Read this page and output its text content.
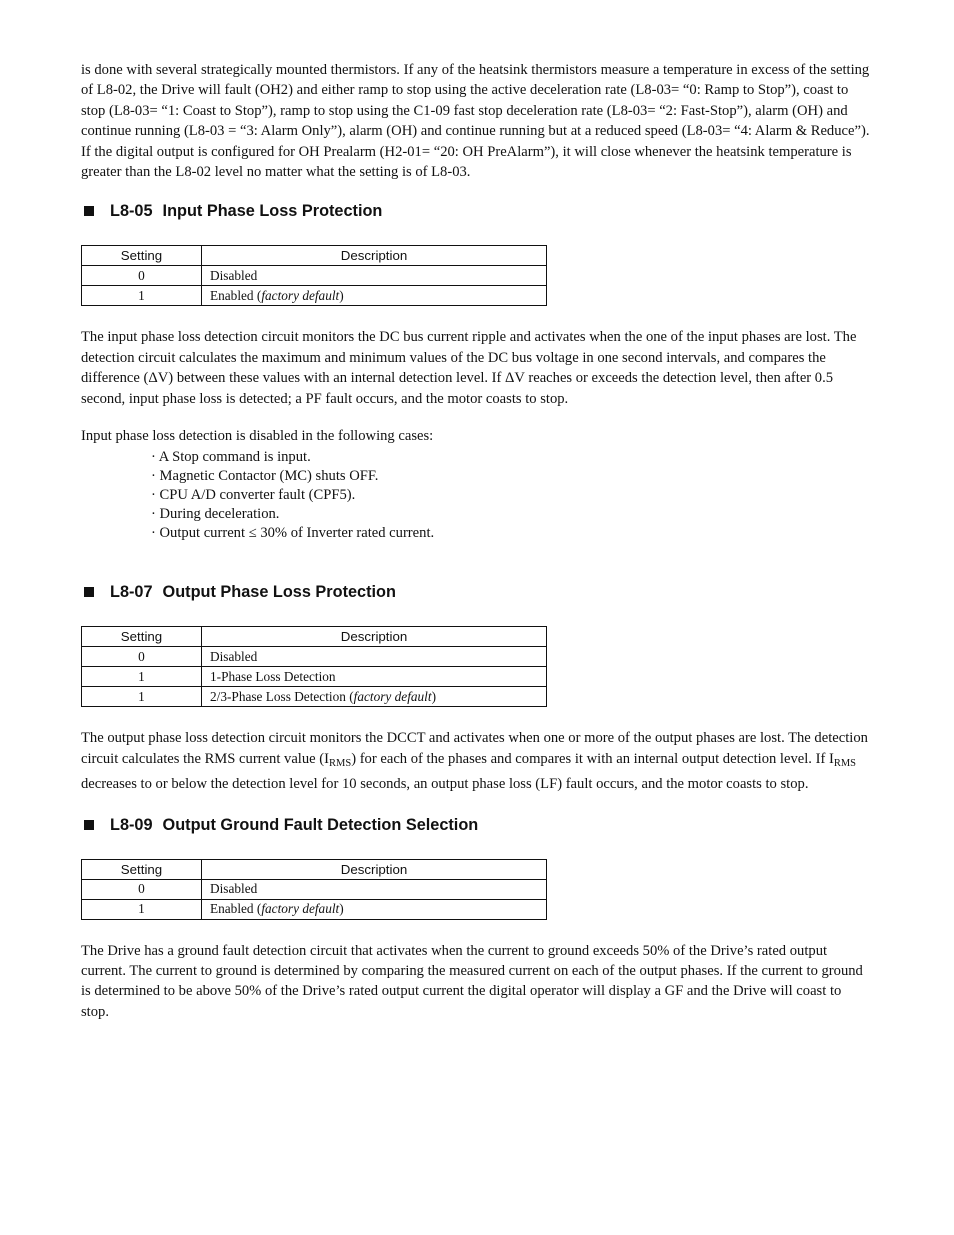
is done with several strategically mounted thermistors. If any of the heatsink thermistors measure a temperature in excess of the setting of L8-02, the Drive will fault (OH2) and either ramp to stop using the active deceleration rate (L8-03= “0: Ramp to Stop”), coast to stop (L8-03= “1: Coast to Stop”), ramp to stop using the C1-09 fast stop deceleration rate (L8-03= “2: Fast-Stop”), alarm (OH) and continue running (L8-03 = “3: Alarm Only”), alarm (OH) and continue running but at a reduced speed (L8-03= “4: Alarm & Reduce”). If the digital output is configured for OH Prealarm (H2-01= “20: OH PreAlarm”), it will close whenever the heatsink temperature is greater than the L8-02 level no matter what the setting is of L8-03.

L8-05 Input Phase Loss Protection
Setting	Description
0	Disabled
1	Enabled (factory default)

The input phase loss detection circuit monitors the DC bus current ripple and activates when the one of the input phases are lost. The detection circuit calculates the maximum and minimum values of the DC bus voltage in one second intervals, and compares the difference (ΔV) between these values with an internal detection level. If ΔV reaches or exceeds the detection level, then after 0.5 second, input phase loss is detected; a PF fault occurs, and the motor coasts to stop.

Input phase loss detection is disabled in the following cases:

· A Stop command is input.
· Magnetic Contactor (MC) shuts OFF.
· CPU A/D converter fault (CPF5).
· During deceleration.
· Output current ≤ 30% of Inverter rated current.
L8-07 Output Phase Loss Protection
Setting	Description
0	Disabled
1	1-Phase Loss Detection
1	2/3-Phase Loss Detection (factory default)

The output phase loss detection circuit monitors the DCCT and activates when one or more of the output phases are lost. The detection circuit calculates the RMS current value $(I_{RMS})$ for each of the phases and compares it with an internal output detection level. If $I_{RMS}$ decreases to or below the detection level for 10 seconds, an output phase loss (LF) fault occurs, and the motor coasts to stop.

L8-09 Output Ground Fault Detection Selection
Setting	Description
0	Disabled
1	Enabled (factory default)

The Drive has a ground fault detection circuit that activates when the current to ground exceeds 50% of the Drive’s rated output current. The current to ground is determined by comparing the measured current on each of the output phases. If the current to ground is determined to be above 50% of the Drive’s rated output current the digital operator will display a GF and the Drive will coast to stop.
